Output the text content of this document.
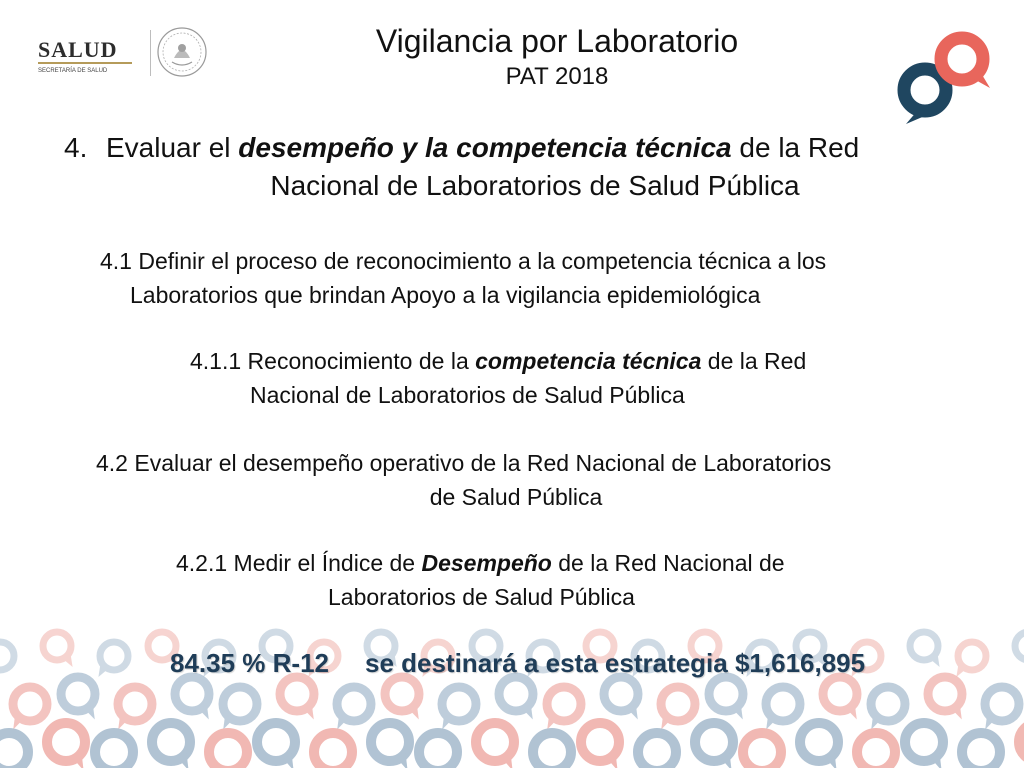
SALUD
SECRETARÍA DE SALUD
Vigilancia por Laboratorio
PAT 2018
4. Evaluar el desempeño y la competencia técnica de la Red
Nacional de Laboratorios de Salud Pública
4.1 Definir el proceso de reconocimiento a la competencia técnica a los
Laboratorios que brindan Apoyo a la vigilancia epidemiológica
4.1.1 Reconocimiento de la competencia técnica de la Red
Nacional de Laboratorios de Salud Pública
4.2 Evaluar el desempeño operativo de la Red Nacional de Laboratorios
de Salud Pública
4.2.1 Medir el Índice de Desempeño de la Red Nacional de
Laboratorios de Salud Pública
84.35 % R-12 se destinará a esta estrategia $1,616,895
